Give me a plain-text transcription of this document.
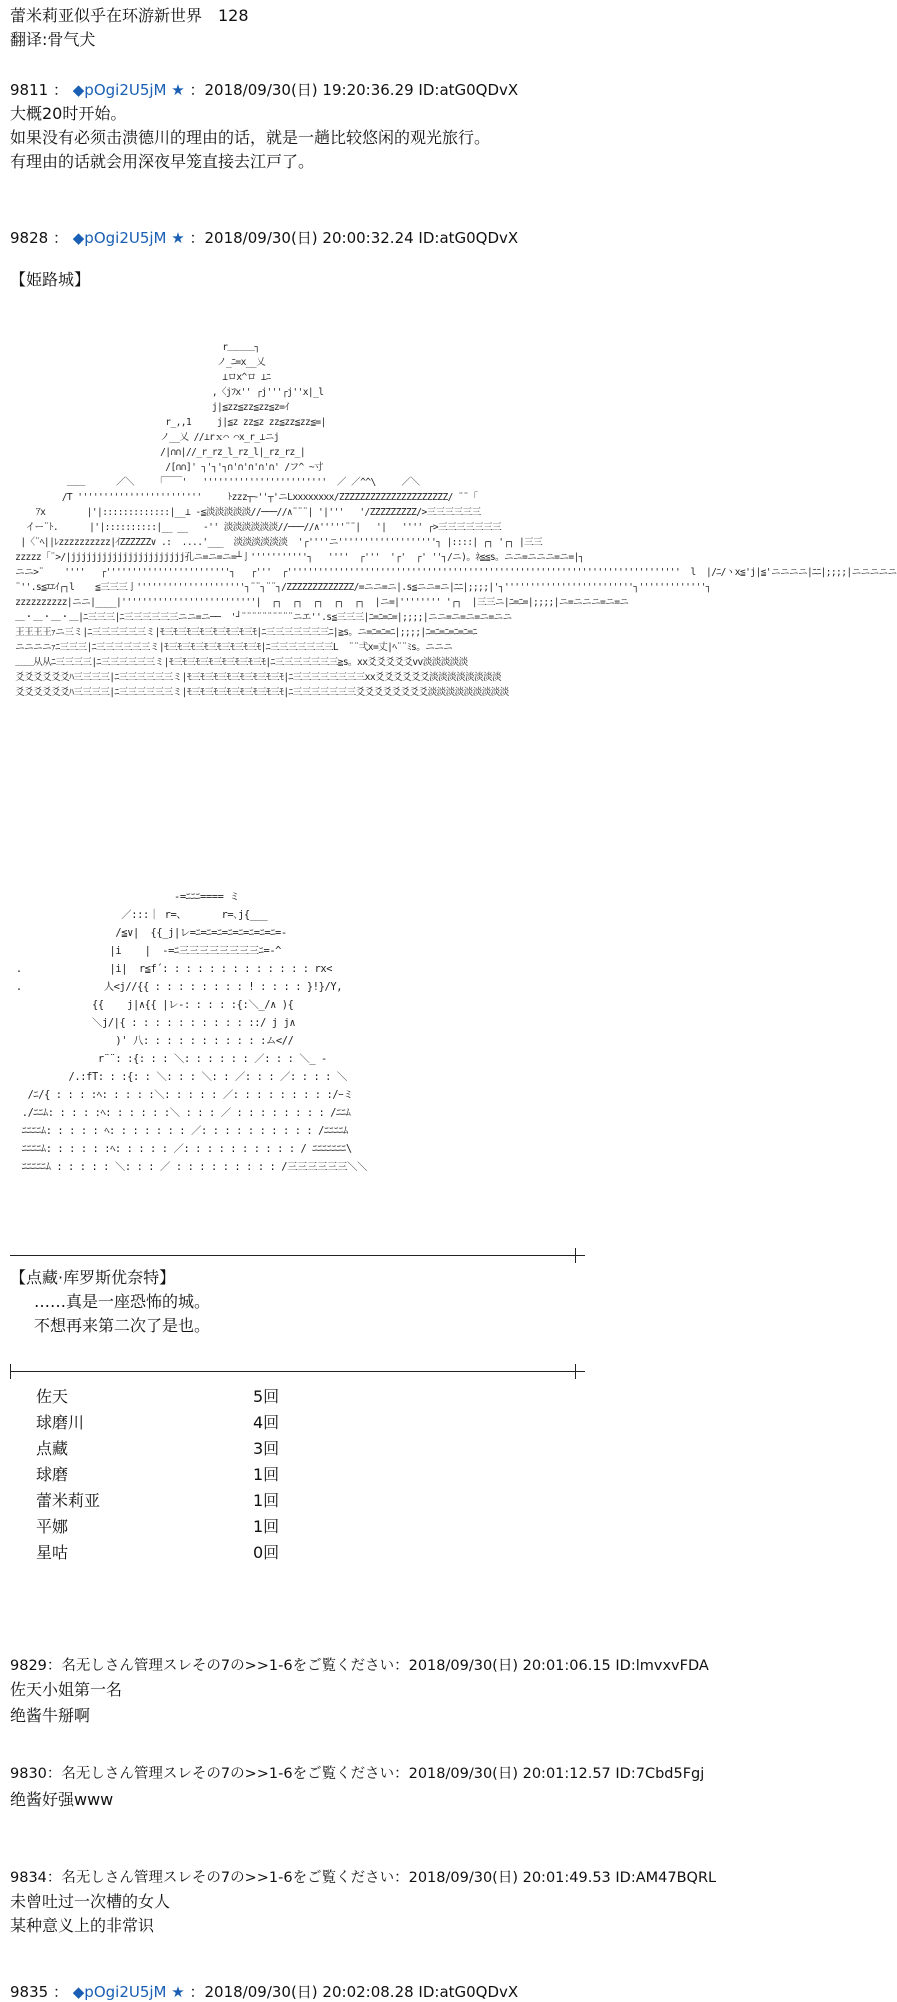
蕾米莉亚似乎在环游新世界　128
翻译:骨气犬
9811 ： ◆pOgi2U5jM ★ ：2018/09/30(日) 19:20:36.29 ID:atG0QDvX
大概20时开始。
如果没有必须击溃德川的理由的话，就是一趟比较悠闲的观光旅行。
有理由的话就会用深夜早笼直接去江戸了。
9828 ： ◆pOgi2U5jM ★ ：2018/09/30(日) 20:00:32.24 ID:atG0QDvX
【姫路城】
r＿＿＿┐
ノ_ﾆ=x__乂
⊥ロx^ロ ⊥ﾆ
,〈jﾌx'' ┌j'''┌j''x|_l
j|≦zz≦zz≦zz≦z=ｲ
r_,,1     j|≦z zz≦z zz≦zz≦zz≦=|
ノ__乂 //⊥rｘ⌒ ⌒x_r_⊥ニj
/|∩∩|//_r_rz_l_rz_l|_rz_rz_|
/[∩∩]' ┐'┐'┐∩'∩'∩'∩'∩' /フ^ ~寸
＿＿      ／＼    「￣￣'   ''''''''''''''''''''''''  ／ ／^^\     ／＼
/T ''''''''''''''''''''''''     ﾄzzz┬~''┬'ニLxxxxxxxx/ZZZZZZZZZZZZZZZZZZZZZ/ ¨¨「
ｱx        |'|:::::::::::::|__⊥ -≦淡淡淡淡淡//───//∧¨¨¨| '|'''   '/ZZZZZZZZZ/>三三三三三三
イー¨ﾄ.      |'|::::::::::|__ __   -'' 淡淡淡淡淡淡//───//∧'''''¨¨|   '|   '''' ┌>三三三三三三三
|〈¨ﾍ||ﾚzzzzzzzzzz|ｲZZZZZZ∨ .:  ....'___  淡淡淡淡淡淡  '┌''''ニ'''''''''''''''''''┐ |::::| ┌┐ '┌┐ |三三
zzzzz「¨>/|jjjjjjjjjjjjjjjjjjjjjj孔ニ=ニ=ニ=┴亅'''''''''''┐   ''''  ┌'''  '┌'  ┌' ''┐/ニ)。ﾈ≦≦s。ニニ=ニニニ=ニ=|┐
ニニ>¨    ''''   ┌''''''''''''''''''''''''┐   ┌'''  ┌''''''''''''''''''''''''''''''''''''''''''''''''''''''''''''''''''''''''''''  l  |/ﾆ/ヽx≦'j|≦'ニニニニ|ﾆﾆ|;;;;|ニニニニニ
¨''.s≦ｴｴｲ┌┐l    ≦三三三亅'''''''''''''''''''''┐¨¨┐¨¨┐/ZZZZZZZZZZZZZ/=ニニ=ニ|.s≦ニニ=ニ|ﾆﾆ|;;;;|'┐'''''''''''''''''''''''''┐'''''''''''''┐
zzzzzzzzzz|ニニ|____|''''''''''''''''''''''''''|  ┌┐  ┌┐  ┌┐  ┌┐  ┌┐  |ニ=|'''''''' '┌┐  |三三ニ|ﾆ=ﾆ=|;;;;|ニ=ニニニ=ニ=ニ
＿・＿・＿・＿|ﾆ三三三|ﾆ三三三三三三ニニ=ニ──  '┘¨¨¨¨¨¨¨¨¨¨ニエ''.s≦三三三|ﾆ=ﾆ=ﾆ=|;;;;|ニニ=ニ=ニ=ニ=ニニ
王王王王ｧニ三ミ|ﾆ三三三三三三ミ|ﾓ三ﾓ三ﾓ三ﾓ三ﾓ三ﾓ三ﾓ三ﾓ|ﾆ三三三三三三三ﾆ|≧s。ニ=ﾆ=ﾆ=ﾆ|;;;;|ﾆ=ﾆ=ﾆ=ﾆ=ﾆ=ﾆ
ニニニニｧﾆ三三三|ﾆ三三三三三三ミ|ﾓ三ﾓ三ﾓ三ﾓ三ﾓ三ﾓ三ﾓ三ﾓ|ﾆ三三三三三三三L  ¨¨弌x=丈|ﾍ¨¨ﾐs。ニニニ
＿＿从从ﾆ三三三三|ﾆ三三三三三三ミ|ﾓ三ﾓ三ﾓ三ﾓ三ﾓ三ﾓ三ﾓ三ﾓ|ﾆ三三三三三三三≧s。xx爻爻爻爻爻vv淡淡淡淡淡
爻爻爻爻爻爻ﾊ三三三三|ﾆ三三三三三三ミ|ﾓ三ﾓ三ﾓ三ﾓ三ﾓ三ﾓ三ﾓ三ﾓ|ﾆ三三三三三三三三xx爻爻爻爻爻爻淡淡淡淡淡淡淡淡
爻爻爻爻爻爻ﾊ三三三三|ﾆ三三三三三三ミ|ﾓ三ﾓ三ﾓ三ﾓ三ﾓ三ﾓ三ﾓ三ﾓ|ﾆ三三三三三三三爻爻爻爻爻爻爻爻淡淡淡淡淡淡淡淡淡
-=ﾆﾆﾆ==== ミ
／:::｜ r=、      r=､j{___
/≦∨|  {{_j|レ=ﾆ=ﾆ=ﾆ=ﾆ=ﾆ=ﾆ=ﾆ=ﾆ=-
|i    |  -=ﾆ三三三三三三三三ﾆ=-^
.               |i|  r≦f´: : : : : : : : : : : : : rx<
.              人<j//{{ : : : : : : : : ! : : : : }!}/Y,
{{    j|∧{{ |レ-: : : : :{:＼_/∧ ){
＼j/|{ : : : : : : : : : : ::/ j j∧
)' 八: : : : : : : : : : :ム<//
r¨¨: :{: : : ＼: : : : : : ／: : : ＼_ -
/.:fT: : :{: : ＼: : : ＼: : ／: : : ／: : : : ＼
/ﾆ/{ : : : :ﾍ: : : : :＼: : : : : ／: : : : : : : : :/ｰミ
./ﾆﾆﾑ: : : : :ﾍ: : : : : :＼ : : : ／ : : : : : : : : /ﾆﾆﾑ
ﾆﾆﾆﾆﾑ: : : : : ﾍ: : : : : : : ／: : : : : : : : : : /ﾆﾆﾆﾆﾑ
ﾆﾆﾆﾆﾑ: : : : : :ﾍ: : : : : ／: : : : : : : : : : / ﾆﾆﾆﾆﾆﾆﾆ\
ﾆﾆﾆﾆﾆﾑ : : : : : ＼: : : ／ : : : : : : : : : /三三三三三三＼＼
【点藏·库罗斯优奈特】
……真是一座恐怖的城。
不想再来第二次了是也。
佐天	5回
球磨川	4回
点藏	3回
球磨	1回
蕾米莉亚	1回
平娜	1回
星咕	0回
9829：名无しさん管理スレその7の>>1-6をご覧ください：2018/09/30(日) 20:01:06.15 ID:lmvxvFDA
佐天小姐第一名
绝酱牛掰啊
9830：名无しさん管理スレその7の>>1-6をご覧ください：2018/09/30(日) 20:01:12.57 ID:7Cbd5Fgj
绝酱好强www
9834：名无しさん管理スレその7の>>1-6をご覧ください：2018/09/30(日) 20:01:49.53 ID:AM47BQRL
未曾吐过一次槽的女人
某种意义上的非常识
9835 ： ◆pOgi2U5jM ★ ：2018/09/30(日) 20:02:08.28 ID:atG0QDvX
